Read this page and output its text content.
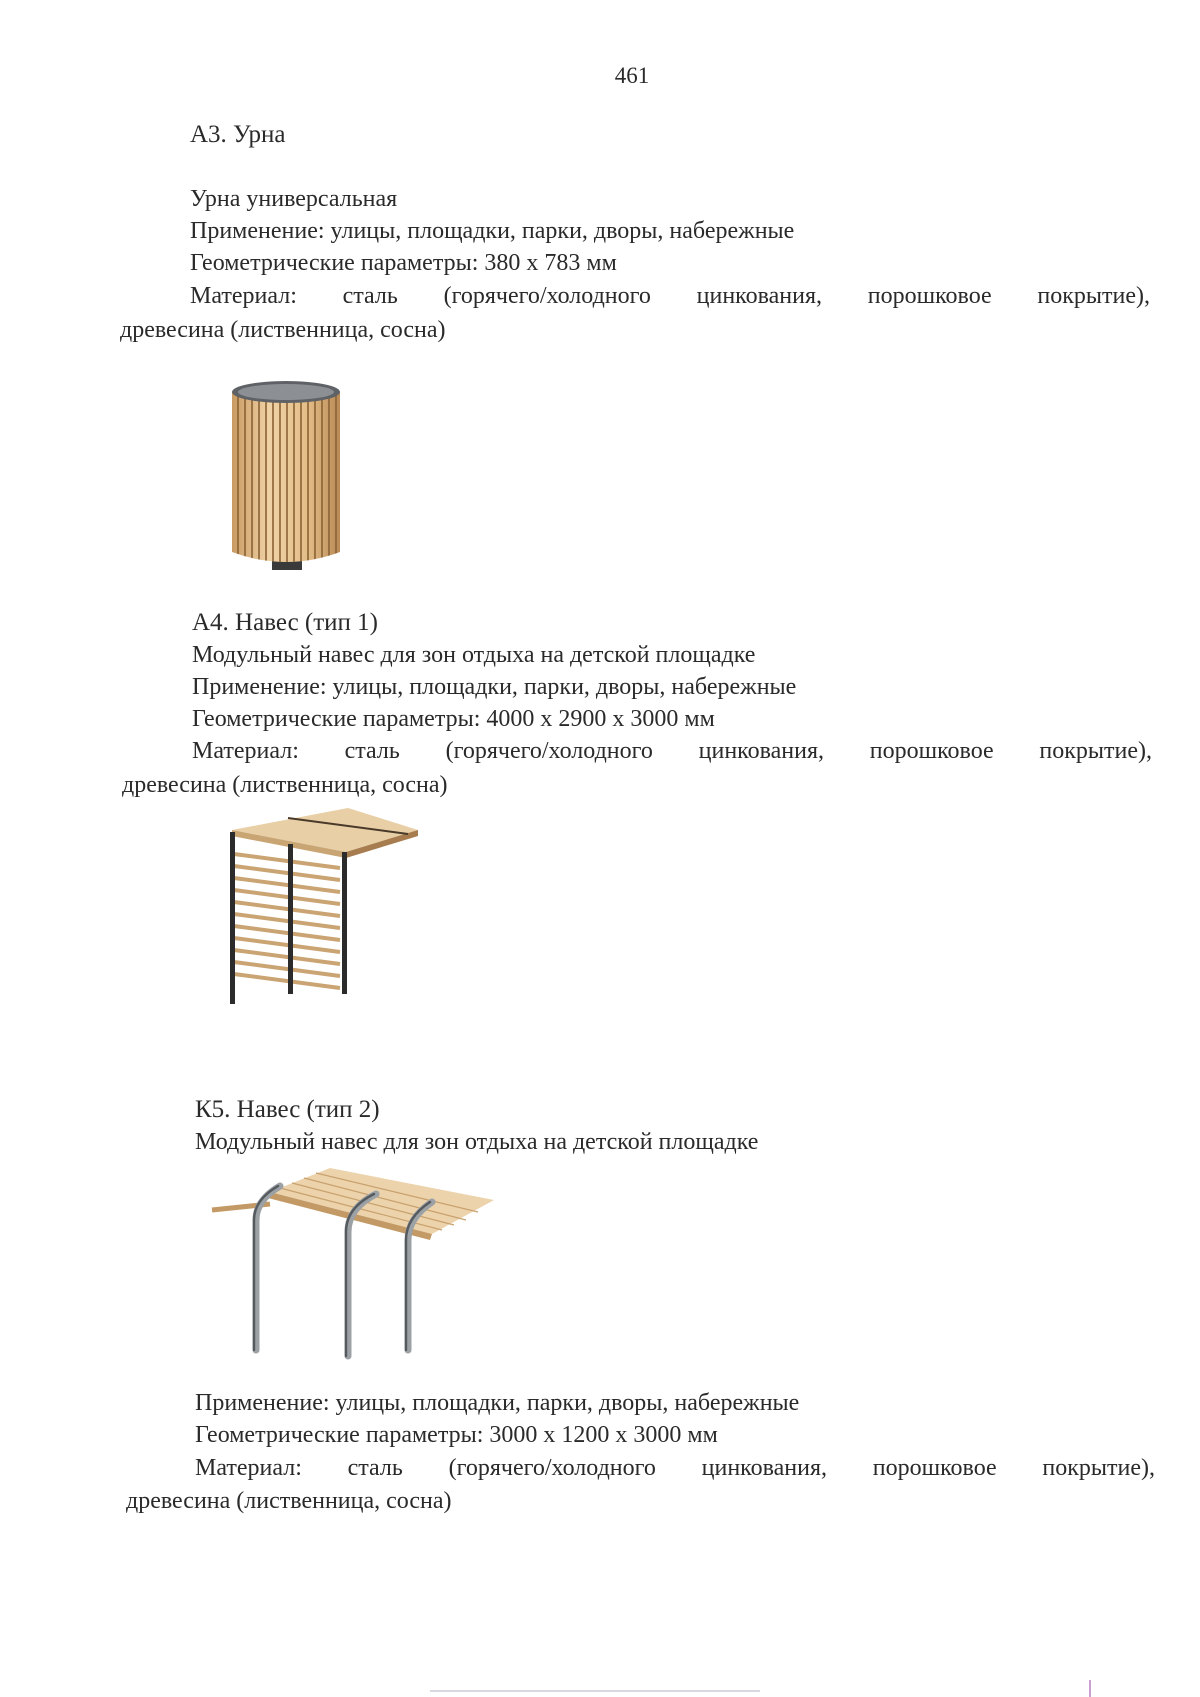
461
А3. Урна
Урна универсальная
Применение: улицы, площадки, парки, дворы, набережные
Геометрические параметры: 380 х 783 мм
Материал: сталь (горячего/холодного цинкования, порошковое покрытие),
древесина (лиственница, сосна)
А4. Навес (тип 1)
Модульный навес для зон отдыха на детской площадке
Применение: улицы, площадки, парки, дворы, набережные
Геометрические параметры: 4000 х 2900 х 3000 мм
Материал: сталь (горячего/холодного цинкования, порошковое покрытие),
древесина (лиственница, сосна)
К5. Навес (тип 2)
Модульный навес для зон отдыха на детской площадке
Применение: улицы, площадки, парки, дворы, набережные
Геометрические параметры: 3000 х 1200 х 3000 мм
Материал: сталь (горячего/холодного цинкования, порошковое покрытие),
древесина (лиственница, сосна)
